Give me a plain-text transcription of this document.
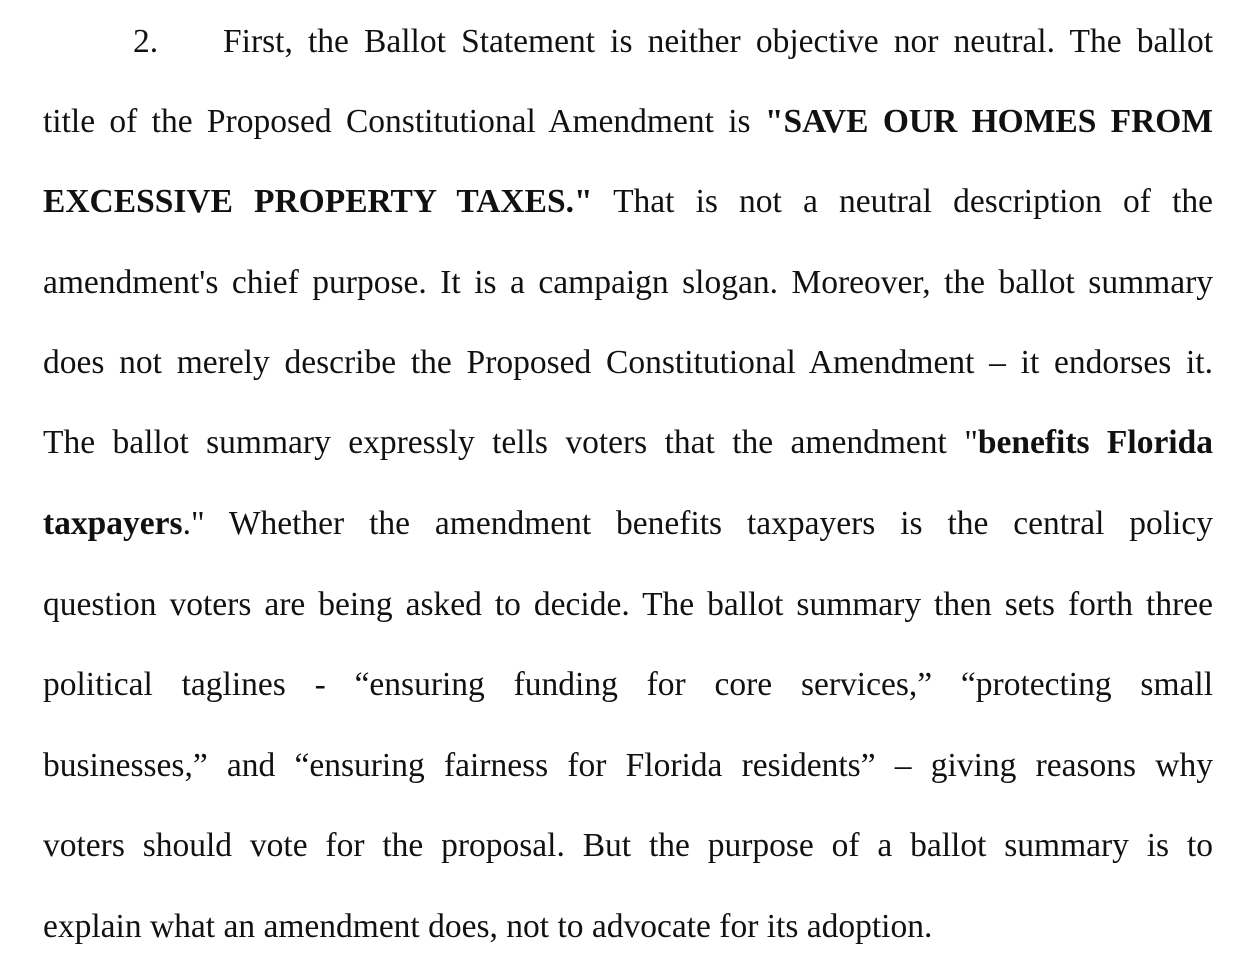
2. First, the Ballot Statement is neither objective nor neutral. The ballot
title of the Proposed Constitutional Amendment is "SAVE OUR HOMES FROM
EXCESSIVE PROPERTY TAXES." That is not a neutral description of the
amendment's chief purpose. It is a campaign slogan. Moreover, the ballot summary
does not merely describe the Proposed Constitutional Amendment – it endorses it.
The ballot summary expressly tells voters that the amendment "benefits Florida
taxpayers." Whether the amendment benefits taxpayers is the central policy
question voters are being asked to decide. The ballot summary then sets forth three
political taglines - “ensuring funding for core services,” “protecting small
businesses,” and “ensuring fairness for Florida residents” – giving reasons why
voters should vote for the proposal. But the purpose of a ballot summary is to
explain what an amendment does, not to advocate for its adoption.
